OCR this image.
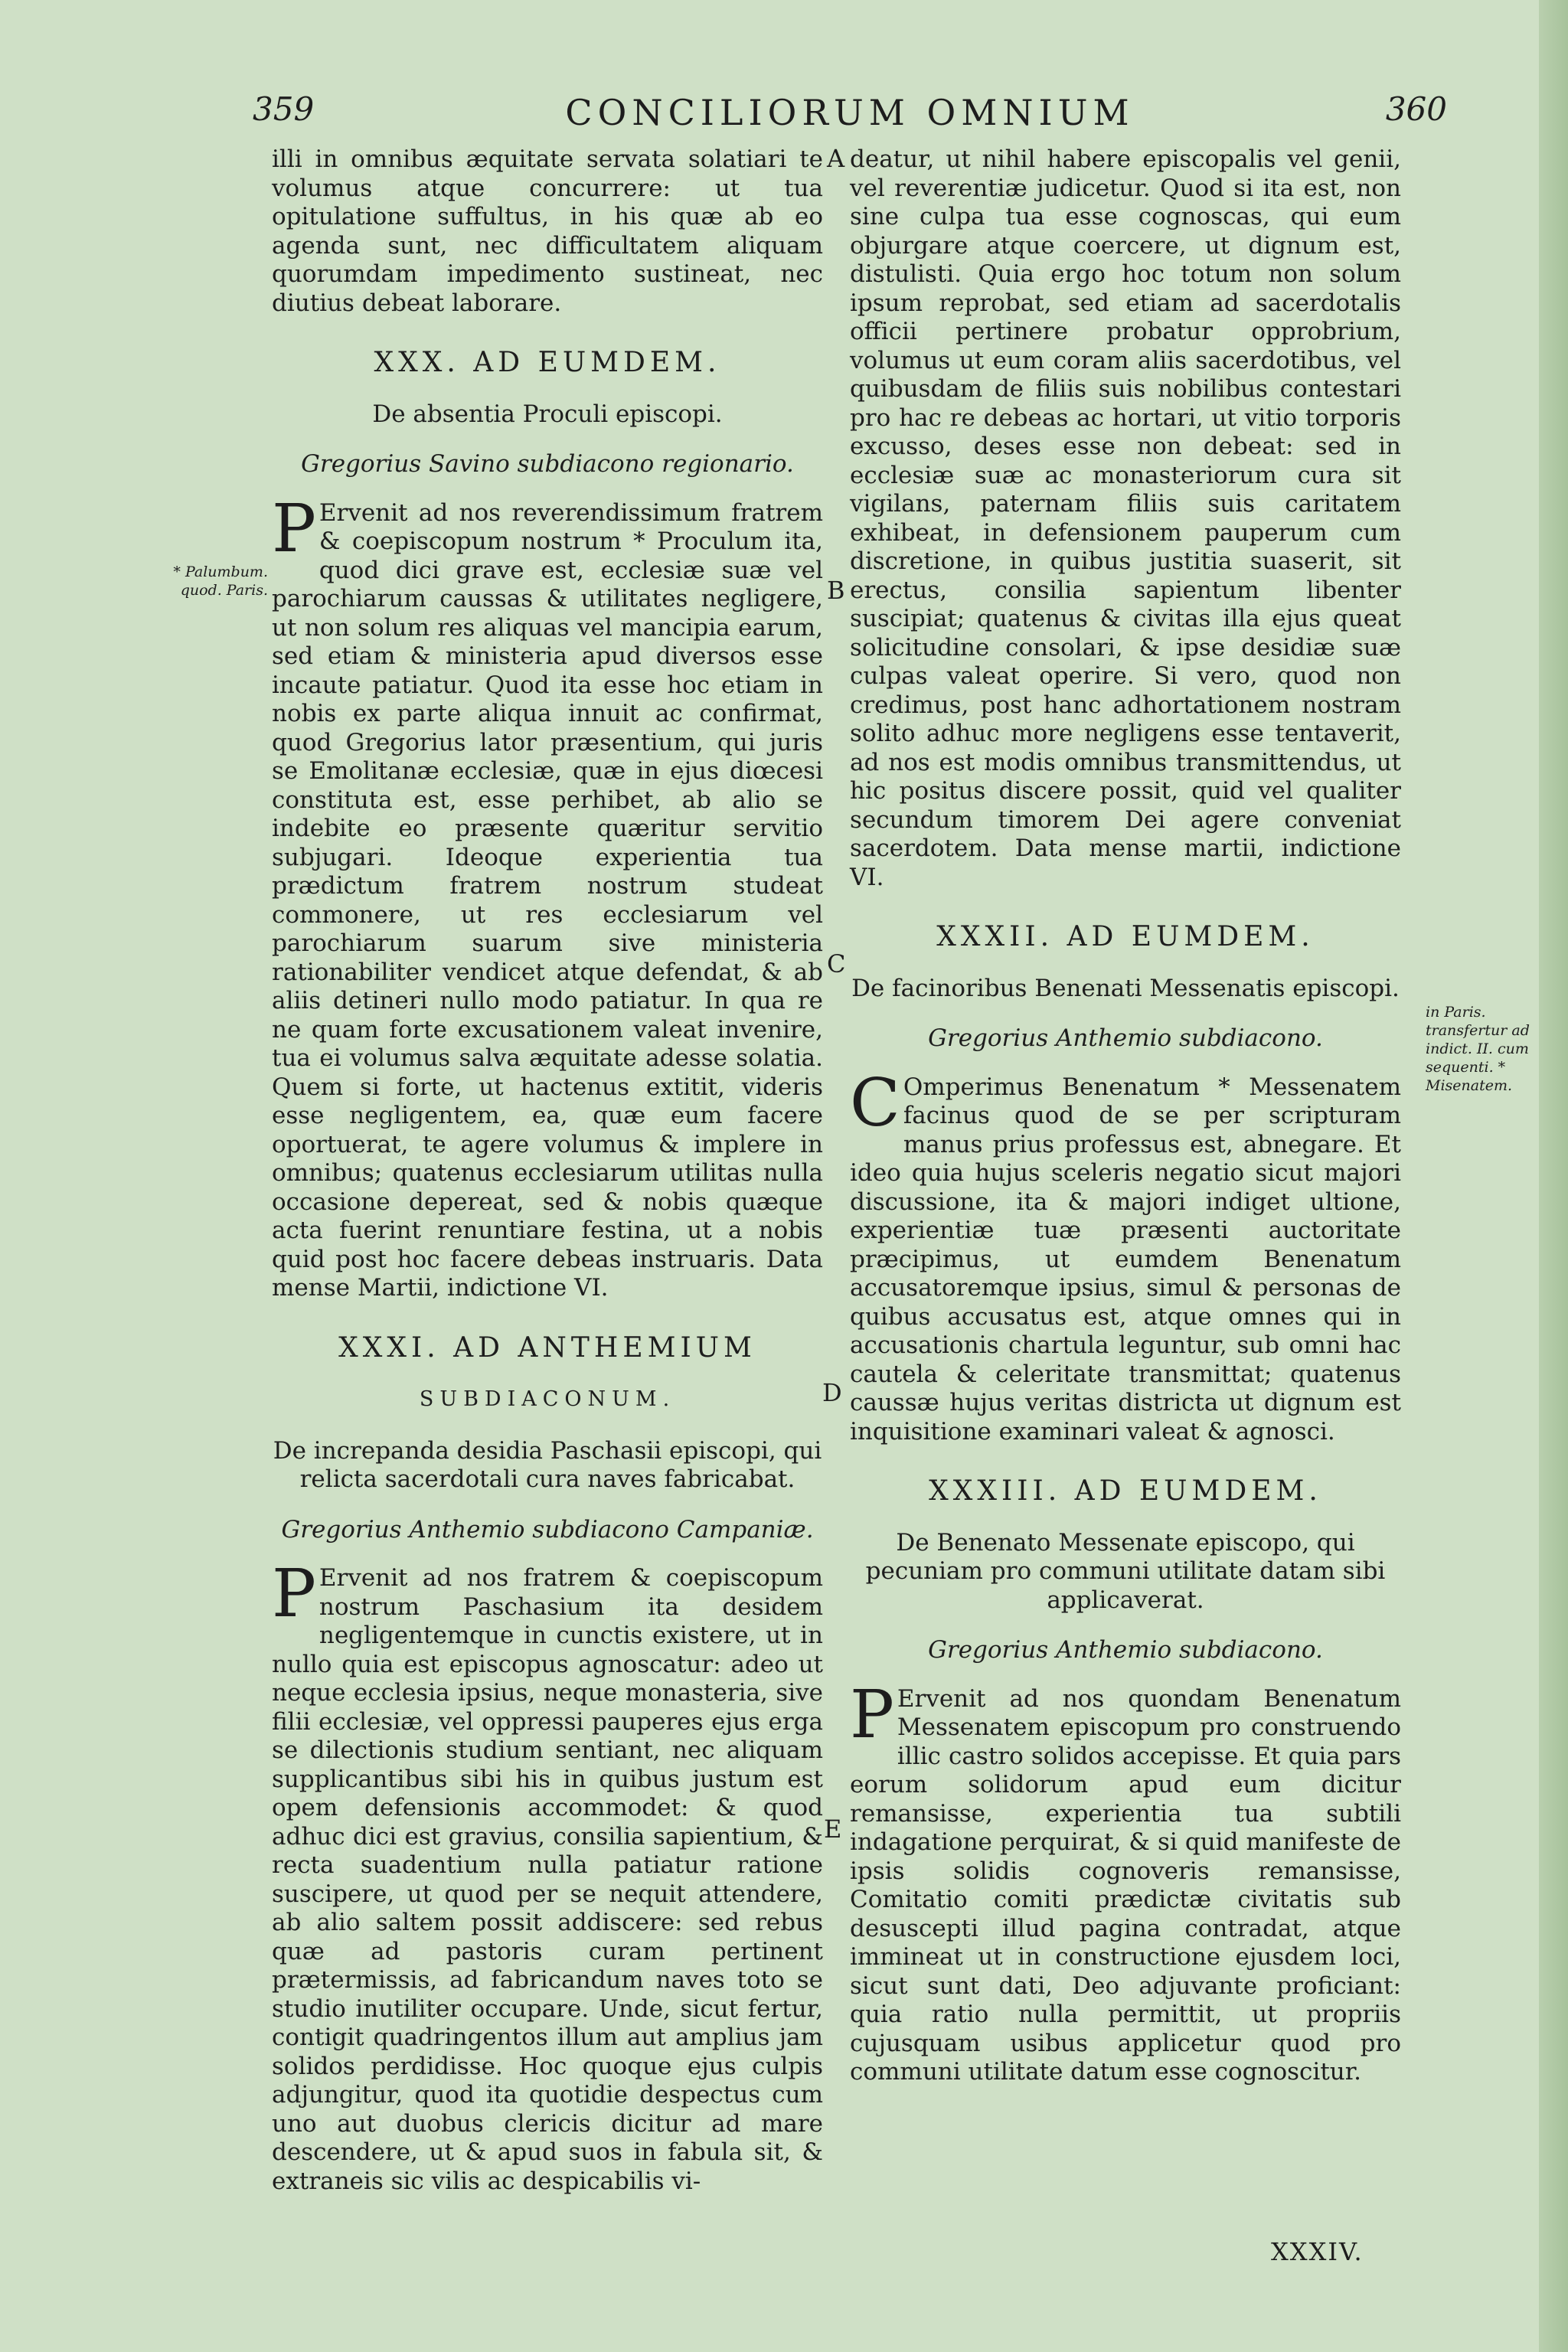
359	CONCILIORUM OMNIUM	360

illi in omnibus æquitate servata solatiari te volumus atque concurrere: ut tua opitulatione suffultus, in his quæ ab eo agenda sunt, nec difficultatem aliquam quorumdam impedimento sustineat, nec diutius debeat laborare.

XXX. AD EUMDEM.
De absentia Proculi episcopi.
Gregorius Savino subdiacono regionario.

P Ervenit ad nos reverendissimum fratrem & coepiscopum nostrum * Proculum ita, quod dici grave est, ecclesiæ suæ vel parochiarum caussas & utilitates negligere, ut non solum res aliquas vel mancipia earum, sed etiam & ministeria apud diversos esse incaute patiatur. Quod ita esse hoc etiam in nobis ex parte aliqua innuit ac confirmat, quod Gregorius lator præsentium, qui juris se Emolitanæ ecclesiæ, quæ in ejus diœcesi constituta est, esse perhibet, ab alio se indebite eo præsente quæritur servitio subjugari. Ideoque experientia tua prædictum fratrem nostrum studeat commonere, ut res ecclesiarum vel parochiarum suarum sive ministeria rationabiliter vendicet atque defendat, & ab aliis detineri nullo modo patiatur. In qua re ne quam forte excusationem valeat invenire, tua ei volumus salva æquitate adesse solatia. Quem si forte, ut hactenus extitit, videris esse negligentem, ea, quæ eum facere oportuerat, te agere volumus & implere in omnibus; quatenus ecclesiarum utilitas nulla occasione depereat, sed & nobis quæque acta fuerint renuntiare festina, ut a nobis quid post hoc facere debeas instruaris. Data mense Martii, indictione VI.

XXXI. AD ANTHEMIUM
SUBDIACONUM.
De increpanda desidia Paschasii episcopi, qui relicta sacerdotali cura naves fabricabat.
Gregorius Anthemio subdiacono Campaniæ.

P Ervenit ad nos fratrem & coepiscopum nostrum Paschasium ita desidem negligentemque in cunctis existere, ut in nullo quia est episcopus agnoscatur: adeo ut neque ecclesia ipsius, neque monasteria, sive filii ecclesiæ, vel oppressi pauperes ejus erga se dilectionis studium sentiant, nec aliquam supplicantibus sibi his in quibus justum est opem defensionis accommodet: & quod adhuc dici est gravius, consilia sapientium, & recta suadentium nulla patiatur ratione suscipere, ut quod per se nequit attendere, ab alio saltem possit addiscere: sed rebus quæ ad pastoris curam pertinent prætermissis, ad fabricandum naves toto se studio inutiliter occupare. Unde, sicut fertur, contigit quadringentos illum aut amplius jam solidos perdidisse. Hoc quoque ejus culpis adjungitur, quod ita quotidie despectus cum uno aut duobus clericis dicitur ad mare descendere, ut & apud suos in fabula sit, & extraneis sic vilis ac despicabilis vi-

deatur, ut nihil habere episcopalis vel genii, vel reverentiæ judicetur. Quod si ita est, non sine culpa tua esse cognoscas, qui eum objurgare atque coercere, ut dignum est, distulisti. Quia ergo hoc totum non solum ipsum reprobat, sed etiam ad sacerdotalis officii pertinere probatur opprobrium, volumus ut eum coram aliis sacerdotibus, vel quibusdam de filiis suis nobilibus contestari pro hac re debeas ac hortari, ut vitio torporis excusso, deses esse non debeat: sed in ecclesiæ suæ ac monasteriorum cura sit vigilans, paternam filiis suis caritatem exhibeat, in defensionem pauperum cum discretione, in quibus justitia suaserit, sit erectus, consilia sapientum libenter suscipiat; quatenus & civitas illa ejus queat solicitudine consolari, & ipse desidiæ suæ culpas valeat operire. Si vero, quod non credimus, post hanc adhortationem nostram solito adhuc more negligens esse tentaverit, ad nos est modis omnibus transmittendus, ut hic positus discere possit, quid vel qualiter secundum timorem Dei agere conveniat sacerdotem. Data mense martii, indictione VI.

XXXII. AD EUMDEM.
De facinoribus Benenati Messenatis episcopi.
Gregorius Anthemio subdiacono.

C Omperimus Benenatum * Messenatem facinus quod de se per scripturam manus prius professus est, abnegare. Et ideo quia hujus sceleris negatio sicut majori discussione, ita & majori indiget ultione, experientiæ tuæ præsenti auctoritate præcipimus, ut eumdem Benenatum accusatoremque ipsius, simul & personas de quibus accusatus est, atque omnes qui in accusationis chartula leguntur, sub omni hac cautela & celeritate transmittat; quatenus caussæ hujus veritas districta ut dignum est inquisitione examinari valeat & agnosci.

XXXIII. AD EUMDEM.
De Benenato Messenate episcopo, qui pecuniam pro communi utilitate datam sibi applicaverat.
Gregorius Anthemio subdiacono.

P Ervenit ad nos quondam Benenatum Messenatem episcopum pro construendo illic castro solidos accepisse. Et quia pars eorum solidorum apud eum dicitur remansisse, experientia tua subtili indagatione perquirat, & si quid manifeste de ipsis solidis cognoveris remansisse, Comitatio comiti prædictæ civitatis sub desuscepti illud pagina contradat, atque immineat ut in constructione ejusdem loci, sicut sunt dati, Deo adjuvante proficiant: quia ratio nulla permittit, ut propriis cujusquam usibus applicetur quod pro communi utilitate datum esse cognoscitur.

A
B
C
D
E
* Palumbum. quod. Paris.
in Paris. transfertur ad indict. II. cum sequenti. * Misenatem.
XXXIV.
